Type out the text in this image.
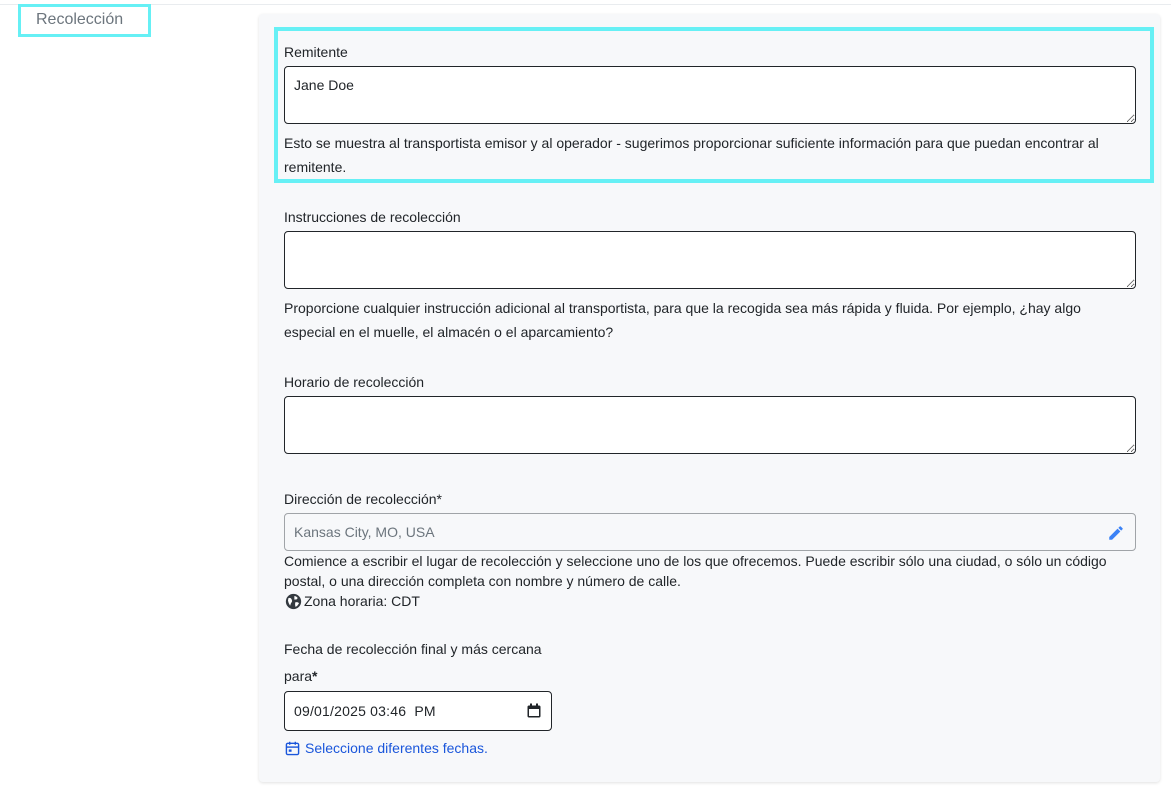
Recolección
Remitente
Jane Doe
Esto se muestra al transportista emisor y al operador - sugerimos proporcionar suficiente información para que puedan encontrar al remitente.
Instrucciones de recolección
Proporcione cualquier instrucción adicional al transportista, para que la recogida sea más rápida y fluida. Por ejemplo, ¿hay algo especial en el muelle, el almacén o el aparcamiento?
Horario de recolección
Dirección de recolección*
Kansas City, MO, USA
Comience a escribir el lugar de recolección y seleccione uno de los que ofrecemos. Puede escribir sólo una ciudad, o sólo un código postal, o una dirección completa con nombre y número de calle.
Zona horaria: CDT
Fecha de recolección final y más cercana
para*
09/01/2025 03:46  PM
Seleccione diferentes fechas.
